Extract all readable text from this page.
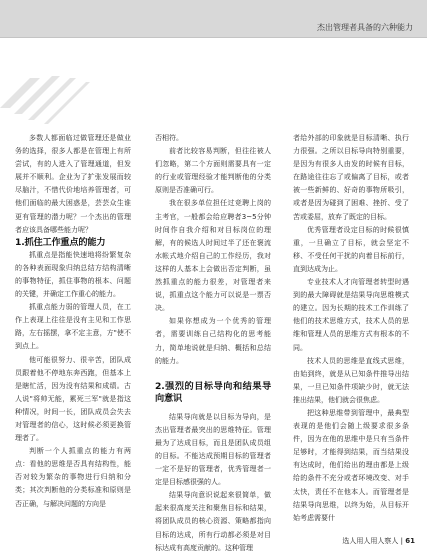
杰出管理者具备的六种能力

多数人都面临过做管理还是做业务的选择，很多人都是在管理上有所尝试，有的人进入了管理通道，但发展并不顺利。企业为了扩张发展而较尽脑汁，不惜代价地培养管理者，可他们面临的最大困惑是，芸芸众生谁更有管理的潜力呢？一个杰出的管理者应该具备哪些能力呢？

1.抓住工作重点的能力

抓重点是指能快速地将纷繁复杂的各种表面现象归纳总结方结构清晰的事物特征，抓住事物的根本、问题的关键，并确定工作重心的能力。

抓重点能力弱的管理人员，在工作上表现上往往是没有主见和工作思路，左右摇摆，拿不定主意，方"使不到点上。

他可能很努力、很辛苦，团队成员跟着他不停地东奔西跑，但基本上是瞎忙活，因为没有结果和成绩。古人说"将帅无能，累死三军"就是指这种情况，时间一长，团队成员会失去对管理者的信心，这时候必须更换管理者了。

判断一个人抓重点的能力有两点：看他的思维是否具有结构性，能否对较为繁杂的事物进行归纳和分类；其次判断他的分类标准和原则是否正确，与解决问题的方向是

否相符。

前者比较容易判断，但往往被人们忽略，第二个方面则需要具有一定的行业或管理经验才能判断他的分类原则是否准确可行。

我在很多单位担任过竞聘上岗的主考官，一般都会给应聘者3~5分钟时间作自我介绍和对目标岗位的理解，有的候选人时间过半了还在褒流水帐式地介绍自己的工作经历，我对这样的人基本上会做出否定判断，虽然抓重点的能力很差，对管理者来说，抓重点这个能力可以说是一票否决。

如果你想成为一个优秀的管理者，需要训练自己结构化的思考能力，简单地说就是归纳、概括和总结的能力。

2.强烈的目标导向和结果导向意识

结果导向就是以目标为导向，是杰出管理者最突出的思维特征。管理最为了达成目标，而且是团队成员组的目标。不能达成预期目标的管理者一定不是好的管理者，优秀管理者一定是目标感很强的人。

结果导向意识说起来很简单，做起来很高度关注和聚焦目标和结果，将团队成员的核心资源、策略都指向目标的达成，所有行动都必须是对目标达成有高度贡献的。这种管理

者给外部的印象就是目标清晰、执行力很强。之所以目标导向特别重要，是因为有很多人由发的时候有目标，在路途往往忘了或偏离了目标，或者被一些新鲜的、好奇的事物所吸引，或者是因为碰到了困难、挫折、受了苦或委屈，放弃了既定的目标。

优秀管理者设定目标的时候很慎重，一旦确立了目标，就会坚定不移、不受任何干扰的向着目标前行，直到达成为止。

专业技术人才向管理者转型时遇到的最大障碍就是结果导向思维模式的建立。因为长期的技术工作训练了他们的技术思维方式，技术人员的思维和管理人员的思维方式有根本的不同。

技术人员的思维是直线式思维，由始到终，就是从已知条件推导出结果，一旦已知条件项缺少时，就无法推出结果，他们就会很焦虑。

把这种思维带到管理中，最典型表现的是他们会随上级要求很多条件，因为在他的思维中是只有当条件足够时，才能得到结果，而当结果没有达成时，他们给出的理由都是上级给的条件不充分或者环境改变、对手太快，责任不在他本人。而管理者是结果导向思维，以终为始，从目标开始考虑需要什

选人用人用人察人 | 61
